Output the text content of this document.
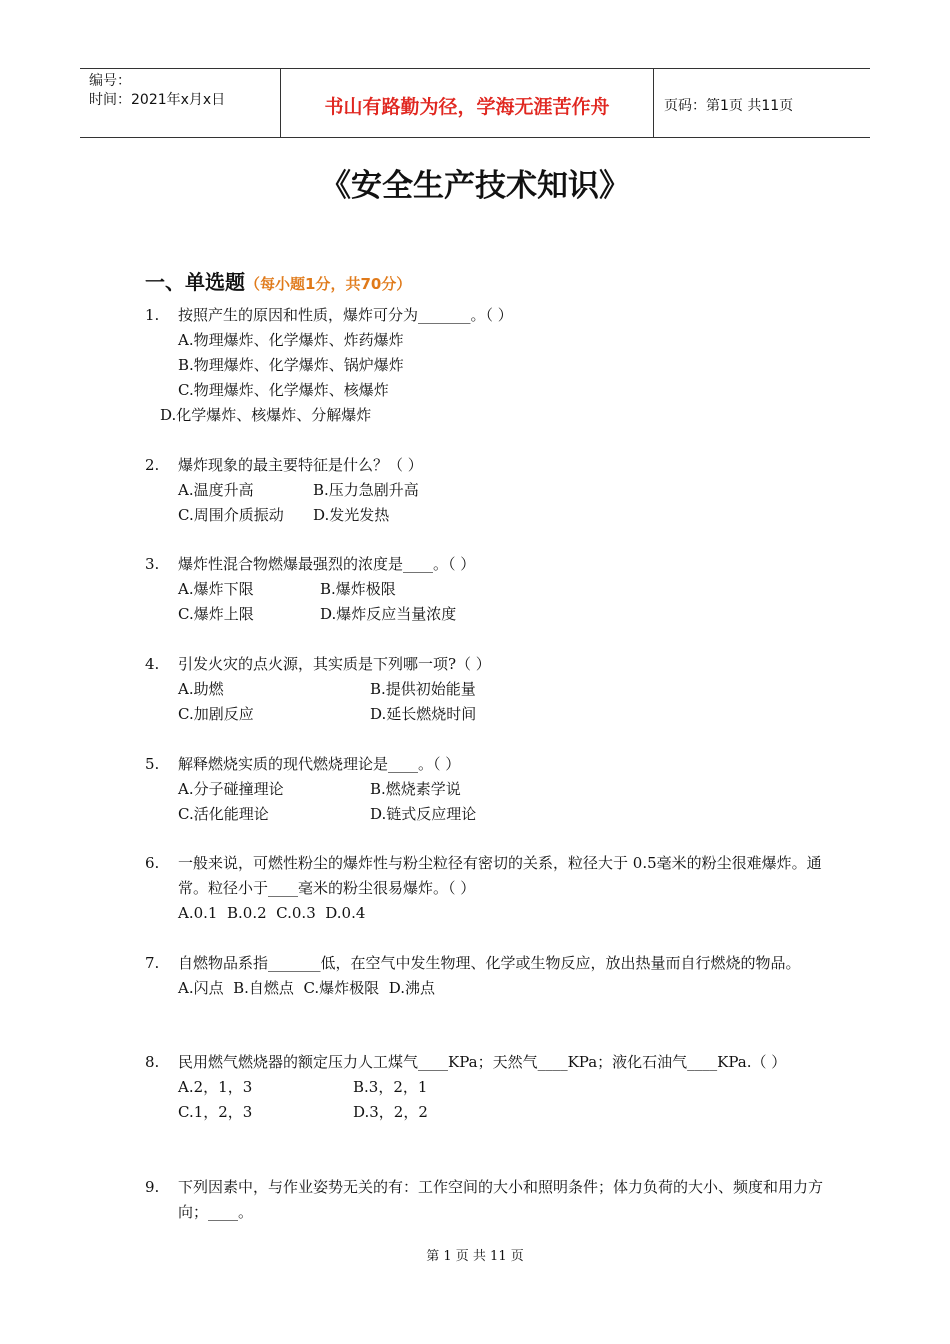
编号：
时间：2021年x月x日	书山有路勤为径，学海无涯苦作舟	页码：第1页 共11页
《安全生产技术知识》
一、单选题（每小题1分，共70分）
1.	按照产生的原因和性质，爆炸可分为_______。（ ）
A.物理爆炸、化学爆炸、炸药爆炸
B.物理爆炸、化学爆炸、锅炉爆炸
C.物理爆炸、化学爆炸、核爆炸
D.化学爆炸、核爆炸、分解爆炸
2.	爆炸现象的最主要特征是什么？（ ）
A.温度升高	B.压力急剧升高
C.周围介质振动	D.发光发热
3.	爆炸性混合物燃爆最强烈的浓度是____。（ ）
A.爆炸下限	B.爆炸极限
C.爆炸上限	D.爆炸反应当量浓度
4.	引发火灾的点火源，其实质是下列哪一项?（ ）
A.助燃	B.提供初始能量
C.加剧反应	D.延长燃烧时间
5.	解释燃烧实质的现代燃烧理论是____。（ ）
A.分子碰撞理论	B.燃烧素学说
C.活化能理论	D.链式反应理论
6.	一般来说，可燃性粉尘的爆炸性与粉尘粒径有密切的关系，粒径大于 0.5毫米的粉尘很难爆炸。通常。粒径小于____毫米的粉尘很易爆炸。（ ）
A.0.1  B.0.2  C.0.3  D.0.4
7.	自燃物品系指_______低，在空气中发生物理、化学或生物反应，放出热量而自行燃烧的物品。
A.闪点  B.自燃点  C.爆炸极限  D.沸点
8.	民用燃气燃烧器的额定压力人工煤气____KPa；天然气____KPa；液化石油气____KPa.（ ）
A.2，1，3	B.3，2，1
C.1，2，3	D.3，2，2
9.	下列因素中，与作业姿势无关的有：工作空间的大小和照明条件；体力负荷的大小、频度和用力方向；____。
第 1 页 共 11 页
